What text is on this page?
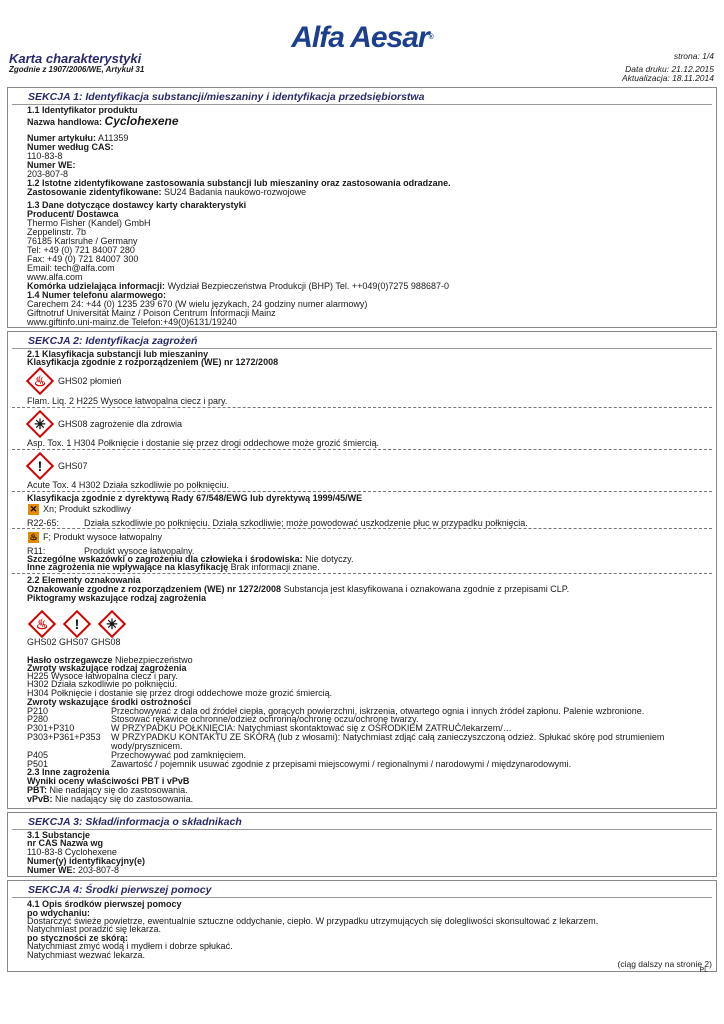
Alfa Aesar®
Karta charakterystyki
Zgodnie z 1907/2006/WE, Artykuł 31
strona: 1/4
Data druku: 21.12.2015
Aktualizacja: 18.11.2014
SEKCJA 1: Identyfikacja substancji/mieszaniny i identyfikacja przedsiębiorstwa
1.1 Identyfikator produktu
Nazwa handlowa: Cyclohexene
Numer artykułu: A11359
Numer według CAS:
110-83-8
Numer WE:
203-807-8
1.2 Istotne zidentyfikowane zastosowania substancji lub mieszaniny oraz zastosowania odradzane.
Zastosowanie zidentyfikowane: SU24 Badania naukowo-rozwojowe
1.3 Dane dotyczące dostawcy karty charakterystyki
Producent/ Dostawca
Thermo Fisher (Kandel) GmbH
Zeppelinstr. 7b
76185 Karlsruhe / Germany
Tel: +49 (0) 721 84007 280
Fax: +49 (0) 721 84007 300
Email: tech@alfa.com
www.alfa.com
Komórka udzielająca informacji: Wydział Bezpieczeństwa Produkcji (BHP) Tel. ++049(0)7275 988687-0
1.4 Numer telefonu alarmowego:
Carechem 24: +44 (0) 1235 239 670 (W wielu językach, 24 godziny numer alarmowy)
Giftnotruf Universität Mainz / Poison Centrum Informacji Mainz
www.giftinfo.uni-mainz.de Telefon:+49(0)6131/19240
SEKCJA 2: Identyfikacja zagrożeń
2.1 Klasyfikacja substancji lub mieszaniny
Klasyfikacja zgodnie z rozporządzeniem (WE) nr 1272/2008
♨	GHS02 płomień
Flam. Liq. 2 H225 Wysoce łatwopalna ciecz i pary.
✳	GHS08 zagrożenie dla zdrowia
Asp. Tox. 1 H304 Połknięcie i dostanie się przez drogi oddechowe może grozić śmiercią.
!	GHS07
Acute Tox. 4 H302 Działa szkodliwie po połknięciu.
Klasyfikacja zgodnie z dyrektywą Rady 67/548/EWG lub dyrektywą 1999/45/WE
✕ Xn; Produkt szkodliwy
R22-65:	Działa szkodliwie po połknięciu. Działa szkodliwie; może powodować uszkodzenie płuc w przypadku połknięcia.
♨ F; Produkt wysoce łatwopalny
R11:	Produkt wysoce łatwopalny.
Szczególne wskazówki o zagrożeniu dla człowieka i środowiska: Nie dotyczy.
Inne zagrożenia nie wpływające na klasyfikację Brak informacji znane.
2.2 Elementy oznakowania
Oznakowanie zgodne z rozporządzeniem (WE) nr 1272/2008 Substancja jest klasyfikowana i oznakowana zgodnie z przepisami CLP.
Piktogramy wskazujące rodzaj zagrożenia
♨	!	✳
GHS02 GHS07 GHS08
Hasło ostrzegawcze Niebezpieczeństwo
Zwroty wskazujące rodzaj zagrożenia
H225 Wysoce łatwopalna ciecz i pary.
H302 Działa szkodliwie po połknięciu.
H304 Połknięcie i dostanie się przez drogi oddechowe może grozić śmiercią.
Zwroty wskazujące środki ostrożności
P210	Przechowywać z dala od źródeł ciepła, gorących powierzchni, iskrzenia, otwartego ognia i innych źródeł zapłonu. Palenie wzbronione.
P280	Stosować rękawice ochronne/odzież ochronną/ochronę oczu/ochronę twarzy.
P301+P310	W PRZYPADKU POŁKNIĘCIA: Natychmiast skontaktować się z OŚRODKIEM ZATRUĆ/lekarzem/…
P303+P361+P353 W PRZYPADKU KONTAKTU ZE SKÓRĄ (lub z włosami): Natychmiast zdjąć całą zanieczyszczoną odzież. Spłukać skórę pod strumieniem
wody/prysznicem.
P405	Przechowywać pod zamknięciem.
P501	Zawartość / pojemnik usuwać zgodnie z przepisami miejscowymi / regionalnymi / narodowymi / międzynarodowymi.
2.3 Inne zagrożenia
Wyniki oceny właściwości PBT i vPvB
PBT: Nie nadający się do zastosowania.
vPvB: Nie nadający się do zastosowania.
SEKCJA 3: Skład/informacja o składnikach
3.1 Substancje
nr CAS Nazwa wg
110-83-8 Cyclohexene
Numer(y) identyfikacyjny(e)
Numer WE: 203-807-8
SEKCJA 4: Środki pierwszej pomocy
4.1 Opis środków pierwszej pomocy
po wdychaniu:
Dostarczyć świeże powietrze, ewentualnie sztuczne oddychanie, ciepło. W przypadku utrzymujących się dolegliwości skonsultować z lekarzem.
Natychmiast poradzić się lekarza.
po styczności ze skórą:
Natychmiast zmyć wodą i mydłem i dobrze spłukać.
Natychmiast wezwać lekarza.
(ciąg dalszy na stronie 2)
PL
